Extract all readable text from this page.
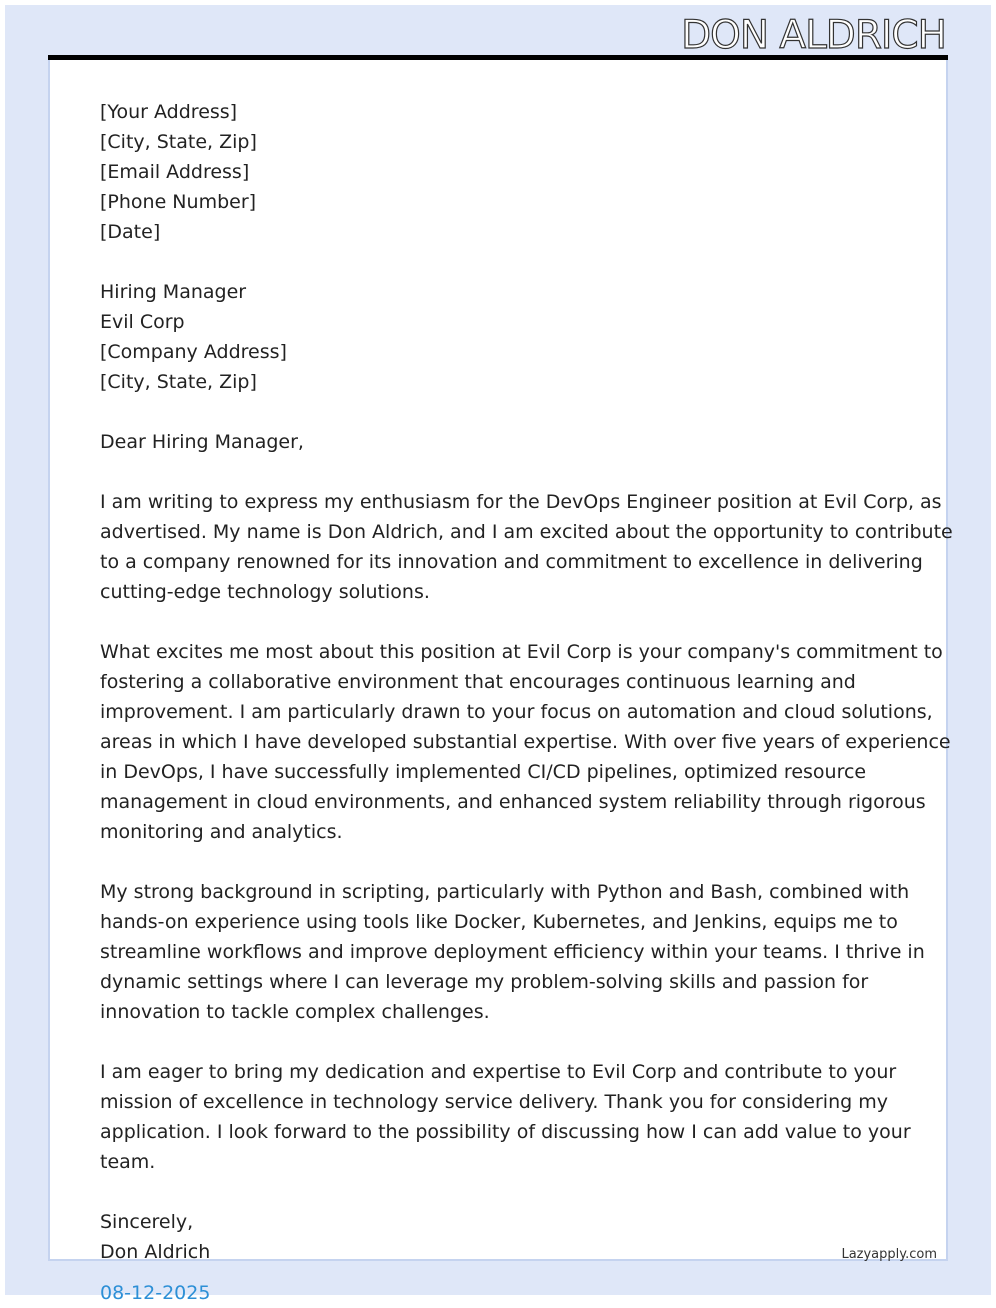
DON ALDRICH
[Your Address]
[City, State, Zip]
[Email Address]
[Phone Number]
[Date]
Hiring Manager
Evil Corp
[Company Address]
[City, State, Zip]
Dear Hiring Manager,
I am writing to express my enthusiasm for the DevOps Engineer position at Evil Corp, as
advertised. My name is Don Aldrich, and I am excited about the opportunity to contribute
to a company renowned for its innovation and commitment to excellence in delivering
cutting-edge technology solutions.
What excites me most about this position at Evil Corp is your company's commitment to
fostering a collaborative environment that encourages continuous learning and
improvement. I am particularly drawn to your focus on automation and cloud solutions,
areas in which I have developed substantial expertise. With over five years of experience
in DevOps, I have successfully implemented CI/CD pipelines, optimized resource
management in cloud environments, and enhanced system reliability through rigorous
monitoring and analytics.
My strong background in scripting, particularly with Python and Bash, combined with
hands-on experience using tools like Docker, Kubernetes, and Jenkins, equips me to
streamline workflows and improve deployment efficiency within your teams. I thrive in
dynamic settings where I can leverage my problem-solving skills and passion for
innovation to tackle complex challenges.
I am eager to bring my dedication and expertise to Evil Corp and contribute to your
mission of excellence in technology service delivery. Thank you for considering my
application. I look forward to the possibility of discussing how I can add value to your
team.
Sincerely,
Don Aldrich	Lazyapply.com
08-12-2025
